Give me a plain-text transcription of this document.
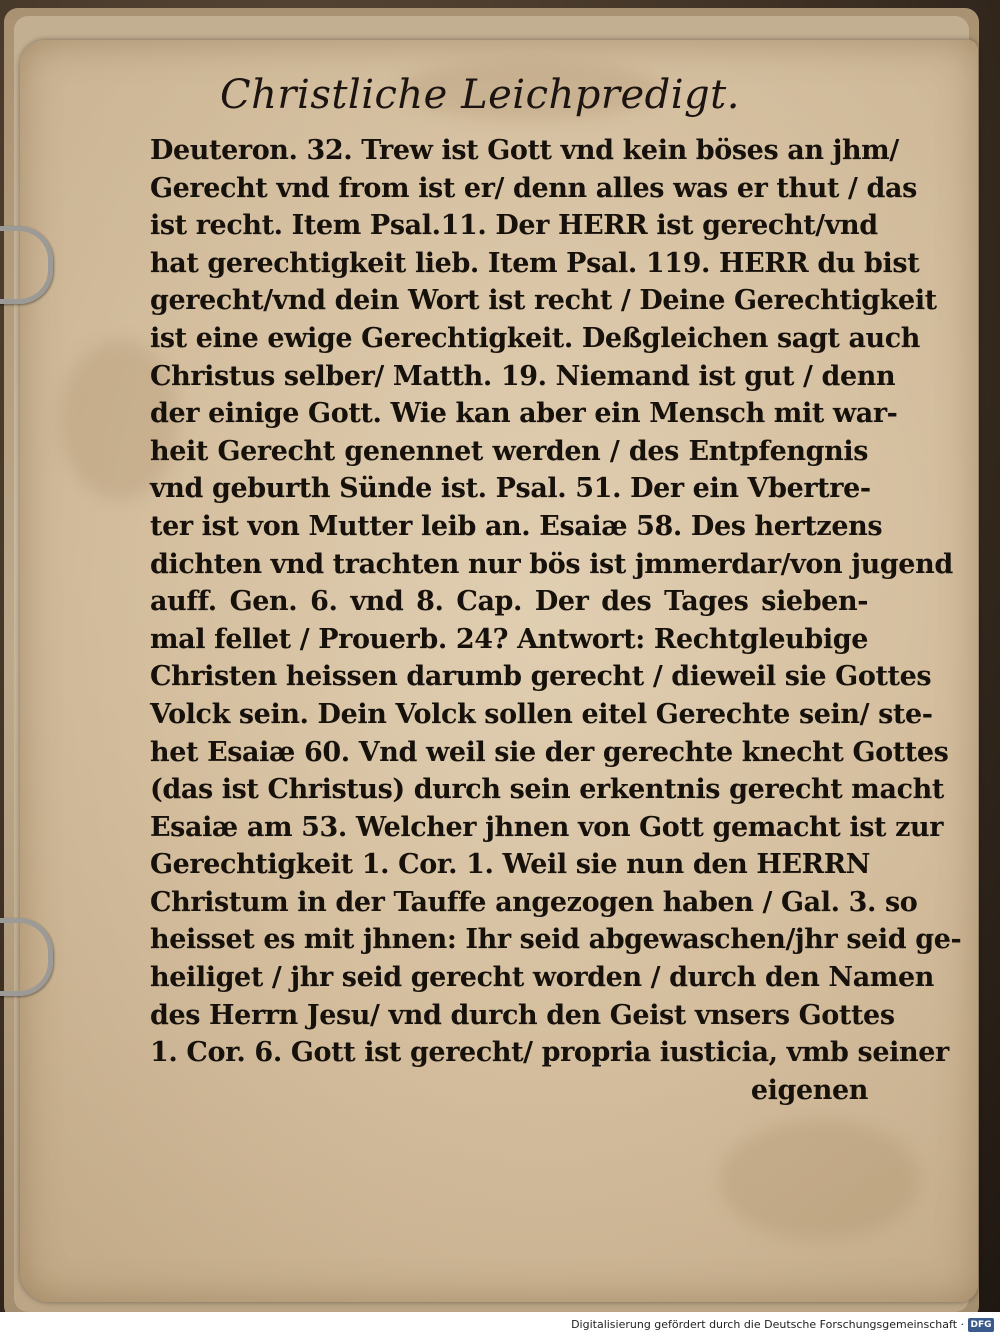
Christliche Leichpredigt.
Deuteron. 32. Trew ist Gott vnd kein böses an jhm/
Gerecht vnd from ist er/ denn alles was er thut / das
ist recht. Item Psal.11. Der HERR ist gerecht/vnd
hat gerechtigkeit lieb. Item Psal. 119. HERR du bist
gerecht/vnd dein Wort ist recht / Deine Gerechtigkeit
ist eine ewige Gerechtigkeit. Deßgleichen sagt auch
Christus selber/ Matth. 19. Niemand ist gut / denn
der einige Gott. Wie kan aber ein Mensch mit war-
heit Gerecht genennet werden / des Entpfengnis
vnd geburth Sünde ist. Psal. 51. Der ein Vbertre-
ter ist von Mutter leib an. Esaiæ 58. Des hertzens
dichten vnd trachten nur bös ist jmmerdar/von jugend
auff. Gen. 6. vnd 8. Cap. Der des Tages sieben-
mal fellet / Prouerb. 24? Antwort: Rechtgleubige
Christen heissen darumb gerecht / dieweil sie Gottes
Volck sein. Dein Volck sollen eitel Gerechte sein/ ste-
het Esaiæ 60. Vnd weil sie der gerechte knecht Gottes
(das ist Christus) durch sein erkentnis gerecht macht
Esaiæ am 53. Welcher jhnen von Gott gemacht ist zur
Gerechtigkeit 1. Cor. 1. Weil sie nun den HERRN
Christum in der Tauffe angezogen haben / Gal. 3. so
heisset es mit jhnen: Ihr seid abgewaschen/jhr seid ge-
heiliget / jhr seid gerecht worden / durch den Namen
des Herrn Jesu/ vnd durch den Geist vnsers Gottes
1. Cor. 6. Gott ist gerecht/ propria iusticia, vmb seiner
eigenen
Digitalisierung gefördert durch die Deutsche Forschungsgemeinschaft · DFG
